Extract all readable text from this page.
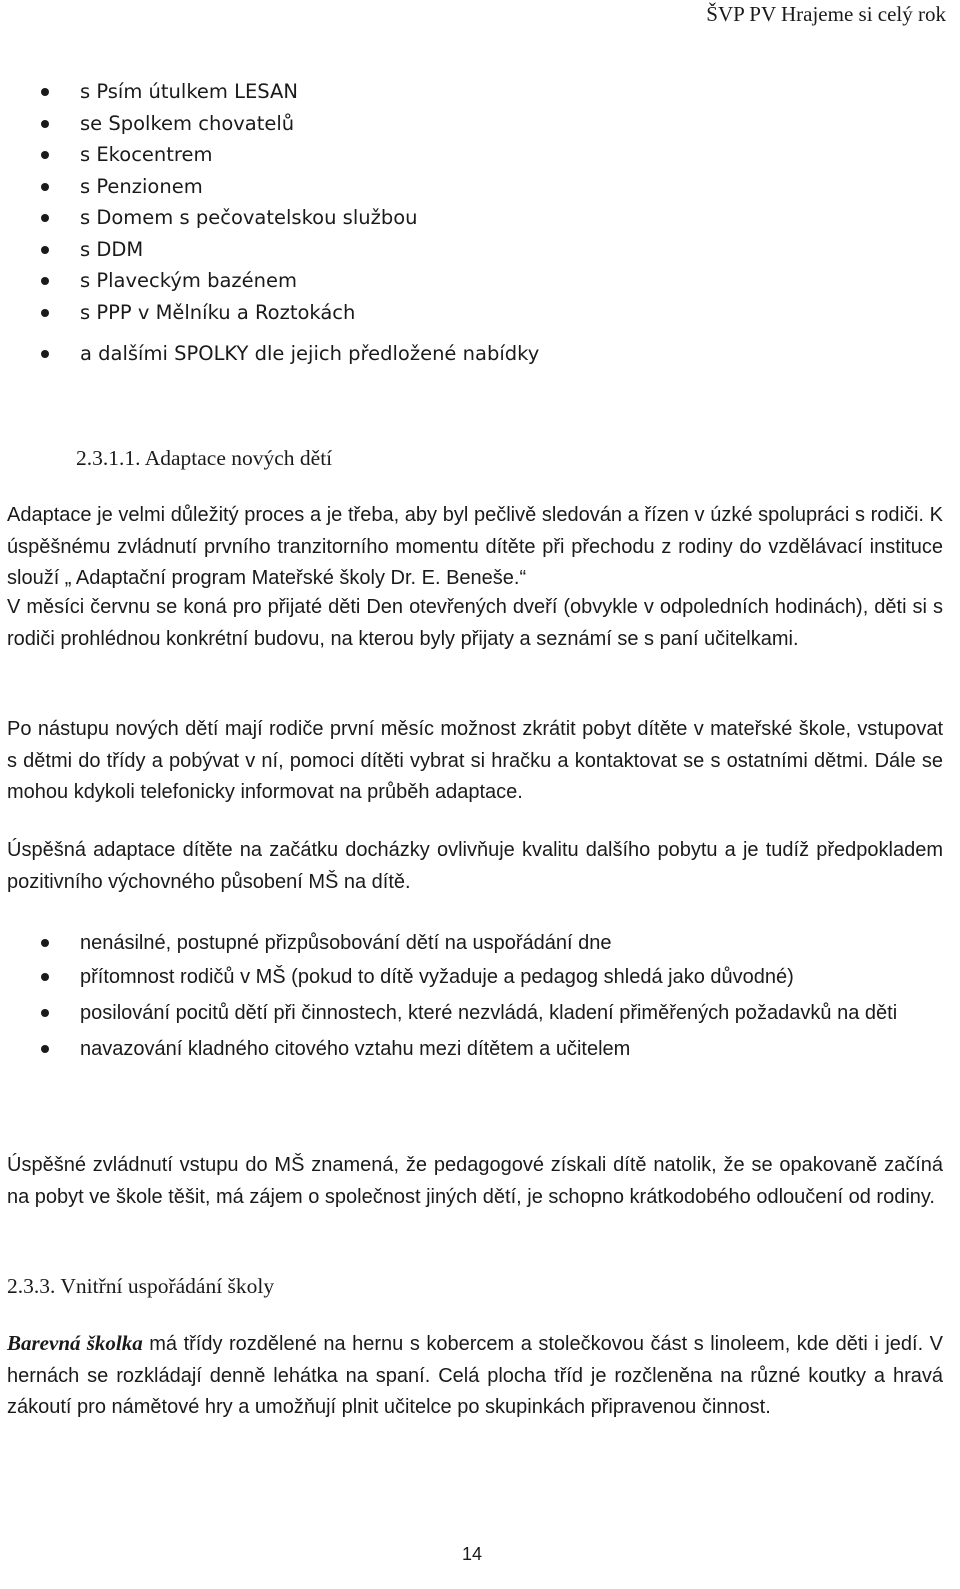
ŠVP PV Hrajeme si celý rok
s Psím útulkem LESAN
se Spolkem chovatelů
s Ekocentrem
s Penzionem
s Domem s pečovatelskou službou
s DDM
s Plaveckým bazénem
s PPP v Mělníku a Roztokách
a dalšími SPOLKY dle jejich předložené nabídky
2.3.1.1. Adaptace nových dětí

Adaptace je velmi důležitý proces a je třeba, aby byl pečlivě sledován a řízen v úzké spolupráci s rodiči. K úspěšnému zvládnutí prvního tranzitorního momentu dítěte při přechodu z rodiny do vzdělávací instituce slouží „ Adaptační program Mateřské školy Dr. E. Beneše.“

V měsíci červnu se koná pro přijaté děti Den otevřených dveří (obvykle v odpoledních hodinách), děti si s rodiči prohlédnou konkrétní budovu, na kterou byly přijaty a seznámí se s paní učitelkami.

Po nástupu nových dětí mají rodiče první měsíc možnost zkrátit pobyt dítěte v mateřské škole, vstupovat s dětmi do třídy a pobývat v ní, pomoci dítěti vybrat si hračku a kontaktovat se s ostatními dětmi. Dále se mohou kdykoli telefonicky informovat na průběh adaptace.

Úspěšná adaptace dítěte na začátku docházky ovlivňuje kvalitu dalšího pobytu a je tudíž předpokladem pozitivního výchovného působení MŠ na dítě.

nenásilné, postupné přizpůsobování dětí na uspořádání dne
přítomnost rodičů v MŠ (pokud to dítě vyžaduje a pedagog shledá jako důvodné)
posilování pocitů dětí při činnostech, které nezvládá, kladení přiměřených požadavků na děti
navazování kladného citového vztahu mezi dítětem a učitelem

Úspěšné zvládnutí vstupu do MŠ znamená, že pedagogové získali dítě natolik, že se opakovaně začíná na pobyt ve škole těšit, má zájem o společnost jiných dětí, je schopno krátkodobého odloučení od rodiny.

2.3.3. Vnitřní uspořádání školy

Barevná školka má třídy rozdělené na hernu s kobercem a stolečkovou část s linoleem, kde děti i jedí. V hernách se rozkládají denně lehátka na spaní. Celá plocha tříd je rozčleněna na různé koutky a hravá zákoutí pro námětové hry a umožňují plnit učitelce po skupinkách připravenou činnost.

14
